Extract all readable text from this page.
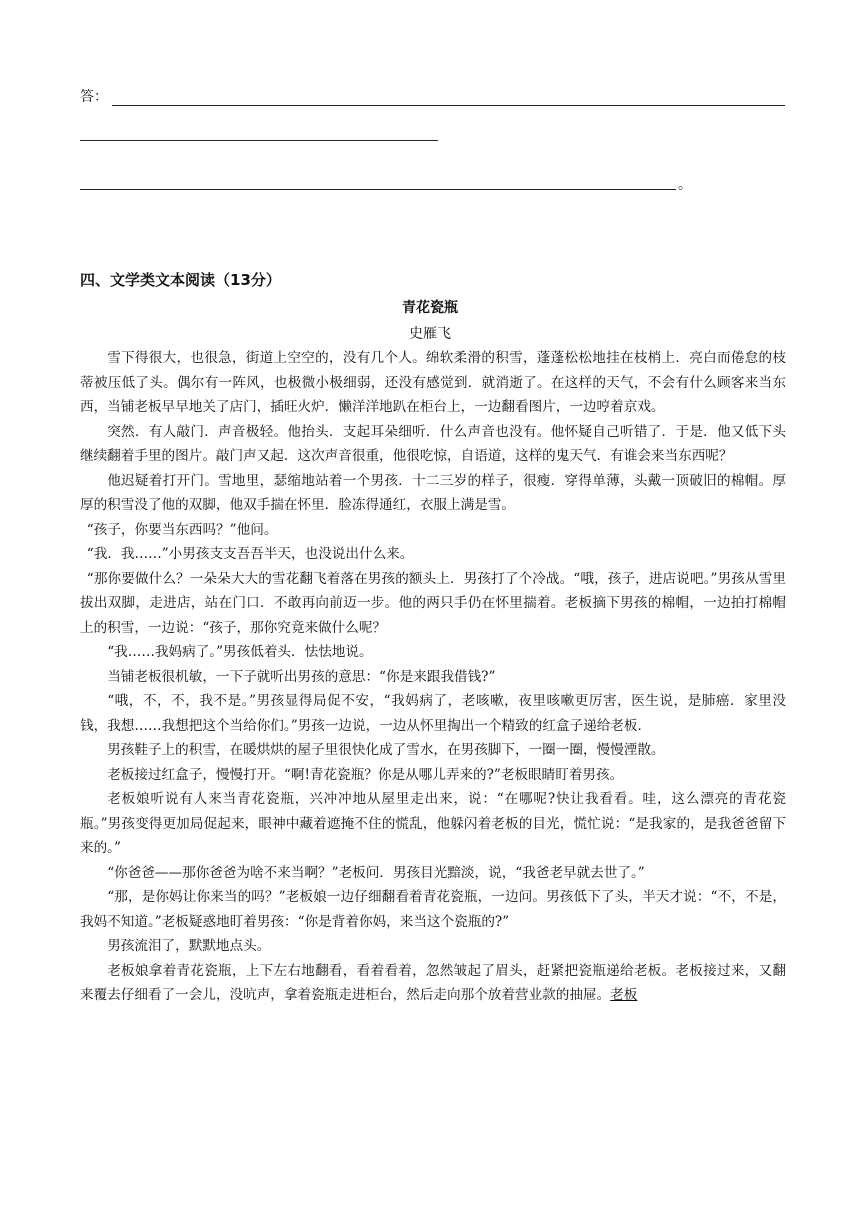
答：
。
四、文学类文本阅读（13分）
青花瓷瓶
史雁飞

雪下得很大，也很急，街道上空空的，没有几个人。绵软柔滑的积雪，蓬蓬松松地挂在枝梢上．亮白而倦怠的枝蒂被压低了头。偶尔有一阵风，也极微小极细弱，还没有感觉到．就消逝了。在这样的天气，不会有什么顾客来当东西，当铺老板早早地关了店门，插旺火炉．懒洋洋地趴在柜台上，一边翻看图片，一边哼着京戏。

突然．有人敲门．声音极轻。他抬头．支起耳朵细听．什么声音也没有。他怀疑自己听错了．于是．他又低下头继续翻着手里的图片。敲门声又起．这次声音很重，他很吃惊，自语道，这样的鬼天气．有谁会来当东西呢？

他迟疑着打开门。雪地里，瑟缩地站着一个男孩．十二三岁的样子，很瘦．穿得单薄，头戴一顶破旧的棉帽。厚厚的积雪没了他的双脚，他双手揣在怀里．脸冻得通红，衣服上满是雪。

“孩子，你要当东西吗？”他问。

“我．我……”小男孩支支吾吾半天，也没说出什么来。

“那你要做什么？一朵朵大大的雪花翻飞着落在男孩的额头上．男孩打了个冷战。“哦，孩子，进店说吧。”男孩从雪里拔出双脚，走进店，站在门口．不敢再向前迈一步。他的两只手仍在怀里揣着。老板摘下男孩的棉帽，一边拍打棉帽上的积雪，一边说：“孩子，那你究竟来做什么呢？

“我……我妈病了。”男孩低着头．怯怯地说。

当铺老板很机敏，一下子就听出男孩的意思：“你是来跟我借钱?”

“哦，不，不，我不是。”男孩显得局促不安，“我妈病了，老咳嗽，夜里咳嗽更厉害，医生说，是肺癌．家里没钱，我想……我想把这个当给你们。”男孩一边说，一边从怀里掏出一个精致的红盒子递给老板．

男孩鞋子上的积雪，在暖烘烘的屋子里很快化成了雪水，在男孩脚下，一圈一圈，慢慢湮散。

老板接过红盒子，慢慢打开。“啊!青花瓷瓶？你是从哪儿弄来的?”老板眼睛盯着男孩。

老板娘听说有人来当青花瓷瓶，兴冲冲地从屋里走出来，说：“在哪呢?快让我看看。哇，这么漂亮的青花瓷瓶。”男孩变得更加局促起来，眼神中藏着遮掩不住的慌乱，他躲闪着老板的目光，慌忙说：“是我家的，是我爸爸留下来的。”

“你爸爸——那你爸爸为啥不来当啊？”老板问．男孩目光黯淡，说，“我爸老早就去世了。”

“那，是你妈让你来当的吗？”老板娘一边仔细翻看着青花瓷瓶，一边问。男孩低下了头，半天才说：“不，不是，我妈不知道。”老板疑惑地盯着男孩：“你是背着你妈，来当这个瓷瓶的?”

男孩流泪了，默默地点头。

老板娘拿着青花瓷瓶，上下左右地翻看，看着看着，忽然皱起了眉头，赶紧把瓷瓶递给老板。老板接过来，又翻来覆去仔细看了一会儿，没吭声，拿着瓷瓶走进柜台，然后走向那个放着营业款的抽屉。老板
